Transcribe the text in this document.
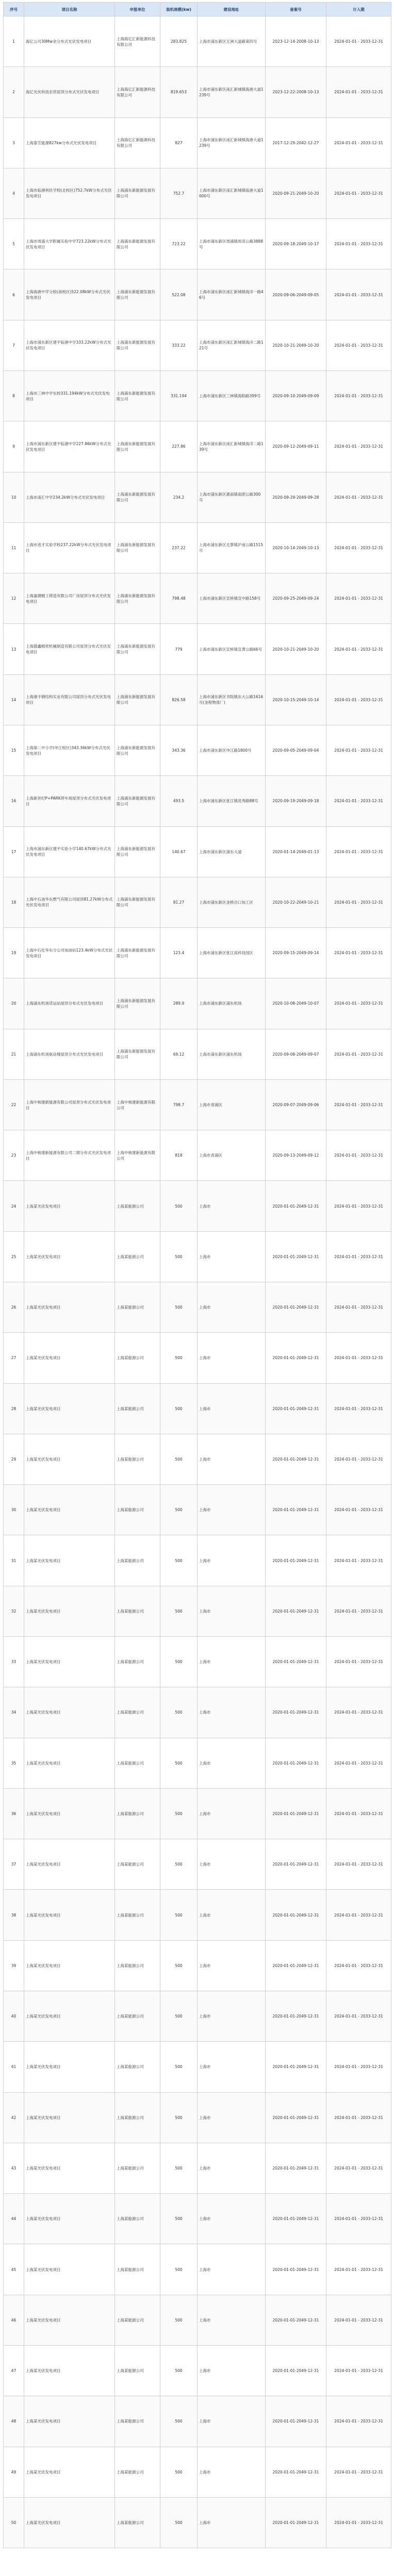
序号	项目名称	申报单位	装机规模(kw)	建设地址	备案号	计入期
1	海亿公司30Mw余分布式光伏发电项目	上海海亿汇新能源科技有限公司	283.825	上海市浦东新区五洲大道路第四号	2023-12-14-2008-10-13	2024-01-01 - 2033-12-31
2	海亿光伏科技农贸屋顶分布式光伏发电项目	上海海亿汇新能源科技有限公司	819.653	上海市浦东新区南汇新城镇海港大道1239号	2023-12-22-2008-10-13	2024-01-01 - 2033-12-31
3	上海泰笠能源827kw分布式光伏发电项目	上海海亿汇新能源科技有限公司	827	上海市浦东新区南汇新城镇海港大道1239号	2017-12-29-2042-12-27	2024-01-01 - 2033-12-31
4	上海市临港利民学校(北校区)752.7kW分布式光伏发电项目	上海浦东新能源发展有限公司	752.7	上海市浦东新区南汇新城镇临港大道1000号	2020-09-21-2049-10-20	2024-01-01 - 2033-12-31
5	上海市周浦大学附属实验中学723.22kW分布式光伏发电项目	上海浦东新能源发展有限公司	723.22	上海市浦东新区周浦镇周邓公路3888号	2020-09-18-2049-10-17	2024-01-01 - 2033-12-31
6	上海海港中学分校(南校区)522.08kW分布式光伏发电项目	上海浦东新能源发展有限公司	522.08	上海市浦东新区南汇新城镇海洋一路46号	2020-09-06-2049-09-05	2024-01-01 - 2033-12-31
7	上海市浦东新区建平临港中学333.22kW分布式光伏发电项目	上海浦东新能源发展有限公司	333.22	上海市浦东新区南汇新城镇海洋二路121号	2020-10-21-2049-10-20	2024-01-01 - 2033-12-31
8	上海市三林中学东校331.194kW分布式光伏发电项目	上海浦东新能源发展有限公司	331.194	上海市浦东新区三林镇海阳路399号	2020-09-10-2049-09-09	2024-01-01 - 2033-12-31
9	上海市浦东新区建平临港中学227.86kW分布式光伏发电项目	上海浦东新能源发展有限公司	227.86	上海市浦东新区南汇新城镇海洋二路139号	2020-09-12-2049-09-11	2024-01-01 - 2033-12-31
10	上海市南汇中学234.2kW分布式光伏发电项目	上海浦东新能源发展有限公司	234.2	上海市浦东新区惠南镇南团公路300号	2020-09-29-2049-09-28	2024-01-01 - 2033-12-31
11	上海市进才实验学校237.22kW分布式光伏发电项目	上海浦东新能源发展有限公司	237.22	上海市浦东新区北蔡镇沪南公路1515号	2020-10-14-2049-10-13	2024-01-01 - 2033-12-31
12	上海嘉捷精工铸造有限公司厂房屋顶分布式光伏发电项目	上海浦东新能源发展有限公司	798.48	上海市浦东新区宣桥镇宣中路158号	2020-09-25-2049-09-24	2024-01-01 - 2033-12-31
13	上海德鑫精密机械制造有限公司屋顶分布式光伏发电项目	上海浦东新能源发展有限公司	779	上海市浦东新区宣桥镇宣黄公路66号	2020-10-21-2049-10-20	2024-01-01 - 2033-12-31
14	上海港丰钢结构实业有限公司屋顶分布式光伏发电项目	上海浦东新能源发展有限公司	826.58	上海市浦东新区书院镇东大公路1616号(金程物流厂)	2020-10-15-2049-10-14	2024-01-01 - 2033-12-31
15	上海第二中小学(申江校区)343.36kW分布式光伏发电项目	上海浦东新能源发展有限公司	343.36	上海市浦东新区申江路1800号	2020-09-05-2049-09-04	2024-01-01 - 2033-12-31
16	上海新世纪P+PARK停车场屋顶分布式光伏发电项目	上海浦东新能源发展有限公司	493.5	上海市浦东新区张江镇亮秀路88号	2020-09-19-2049-09-18	2024-01-01 - 2033-12-31
17	上海市浦东新区建平实验小学140.67kW分布式光伏发电项目	上海浦东新能源发展有限公司	140.67	上海市浦东新区浦东大道	2020-01-14-2049-01-13	2024-01-01 - 2033-12-31
18	上海中石油华东燃气有限公司屋顶81.27kW分布式光伏发电项目	上海浦东新能源发展有限公司	81.27	上海市浦东新区金桥出口加工区	2020-10-22-2049-10-21	2024-01-01 - 2033-12-31
19	上海中石化华东分公司加油站123.4kW分布式光伏发电项目	上海浦东新能源发展有限公司	123.4	上海市浦东新区张江高科技园区	2020-09-15-2049-09-14	2024-01-01 - 2033-12-31
20	上海浦东机场货运站屋顶分布式光伏发电项目	上海浦东新能源发展有限公司	289.9	上海市浦东新区浦东机场	2020-10-08-2049-10-07	2024-01-01 - 2033-12-31
21	上海浦东机场航站楼屋顶分布式光伏发电项目	上海浦东新能源发展有限公司	69.12	上海市浦东新区浦东机场	2020-09-08-2049-09-07	2024-01-01 - 2033-12-31
22	上海中核建新能源有限公司屋顶分布式光伏发电项目	上海中核建新能源有限公司	798.7	上海市青浦区	2020-09-07-2049-09-06	2024-01-01 - 2033-12-31
23	上海中核建新能源有限公司二期分布式光伏发电项目	上海中核建新能源有限公司	818	上海市青浦区	2020-09-13-2049-09-12	2024-01-01 - 2033-12-31
24	上海某光伏发电项目	上海某能源公司	500	上海市	2020-01-01-2049-12-31	2024-01-01 - 2033-12-31
25	上海某光伏发电项目	上海某能源公司	500	上海市	2020-01-01-2049-12-31	2024-01-01 - 2033-12-31
26	上海某光伏发电项目	上海某能源公司	500	上海市	2020-01-01-2049-12-31	2024-01-01 - 2033-12-31
27	上海某光伏发电项目	上海某能源公司	500	上海市	2020-01-01-2049-12-31	2024-01-01 - 2033-12-31
28	上海某光伏发电项目	上海某能源公司	500	上海市	2020-01-01-2049-12-31	2024-01-01 - 2033-12-31
29	上海某光伏发电项目	上海某能源公司	500	上海市	2020-01-01-2049-12-31	2024-01-01 - 2033-12-31
30	上海某光伏发电项目	上海某能源公司	500	上海市	2020-01-01-2049-12-31	2024-01-01 - 2033-12-31
31	上海某光伏发电项目	上海某能源公司	500	上海市	2020-01-01-2049-12-31	2024-01-01 - 2033-12-31
32	上海某光伏发电项目	上海某能源公司	500	上海市	2020-01-01-2049-12-31	2024-01-01 - 2033-12-31
33	上海某光伏发电项目	上海某能源公司	500	上海市	2020-01-01-2049-12-31	2024-01-01 - 2033-12-31
34	上海某光伏发电项目	上海某能源公司	500	上海市	2020-01-01-2049-12-31	2024-01-01 - 2033-12-31
35	上海某光伏发电项目	上海某能源公司	500	上海市	2020-01-01-2049-12-31	2024-01-01 - 2033-12-31
36	上海某光伏发电项目	上海某能源公司	500	上海市	2020-01-01-2049-12-31	2024-01-01 - 2033-12-31
37	上海某光伏发电项目	上海某能源公司	500	上海市	2020-01-01-2049-12-31	2024-01-01 - 2033-12-31
38	上海某光伏发电项目	上海某能源公司	500	上海市	2020-01-01-2049-12-31	2024-01-01 - 2033-12-31
39	上海某光伏发电项目	上海某能源公司	500	上海市	2020-01-01-2049-12-31	2024-01-01 - 2033-12-31
40	上海某光伏发电项目	上海某能源公司	500	上海市	2020-01-01-2049-12-31	2024-01-01 - 2033-12-31
41	上海某光伏发电项目	上海某能源公司	500	上海市	2020-01-01-2049-12-31	2024-01-01 - 2033-12-31
42	上海某光伏发电项目	上海某能源公司	500	上海市	2020-01-01-2049-12-31	2024-01-01 - 2033-12-31
43	上海某光伏发电项目	上海某能源公司	500	上海市	2020-01-01-2049-12-31	2024-01-01 - 2033-12-31
44	上海某光伏发电项目	上海某能源公司	500	上海市	2020-01-01-2049-12-31	2024-01-01 - 2033-12-31
45	上海某光伏发电项目	上海某能源公司	500	上海市	2020-01-01-2049-12-31	2024-01-01 - 2033-12-31
46	上海某光伏发电项目	上海某能源公司	500	上海市	2020-01-01-2049-12-31	2024-01-01 - 2033-12-31
47	上海某光伏发电项目	上海某能源公司	500	上海市	2020-01-01-2049-12-31	2024-01-01 - 2033-12-31
48	上海某光伏发电项目	上海某能源公司	500	上海市	2020-01-01-2049-12-31	2024-01-01 - 2033-12-31
49	上海某光伏发电项目	上海某能源公司	500	上海市	2020-01-01-2049-12-31	2024-01-01 - 2033-12-31
50	上海某光伏发电项目	上海某能源公司	500	上海市	2020-01-01-2049-12-31	2024-01-01 - 2033-12-31
